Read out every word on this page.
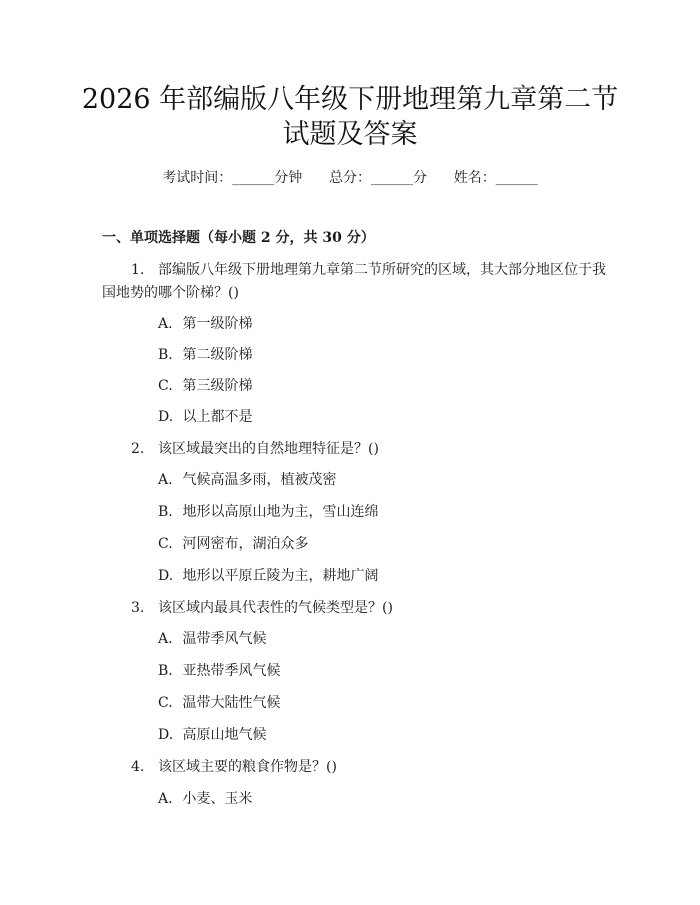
2026 年部编版八年级下册地理第九章第二节
试题及答案
考试时间：______分钟      总分：______分      姓名：______
一、单项选择题（每小题 2 分，共 30 分）
1. 部编版八年级下册地理第九章第二节所研究的区域，其大部分地区位于我
国地势的哪个阶梯？()
A. 第一级阶梯
B. 第二级阶梯
C. 第三级阶梯
D. 以上都不是
2. 该区域最突出的自然地理特征是？()
A. 气候高温多雨，植被茂密
B. 地形以高原山地为主，雪山连绵
C. 河网密布，湖泊众多
D. 地形以平原丘陵为主，耕地广阔
3. 该区域内最具代表性的气候类型是？()
A. 温带季风气候
B. 亚热带季风气候
C. 温带大陆性气候
D. 高原山地气候
4. 该区域主要的粮食作物是？()
A. 小麦、玉米
